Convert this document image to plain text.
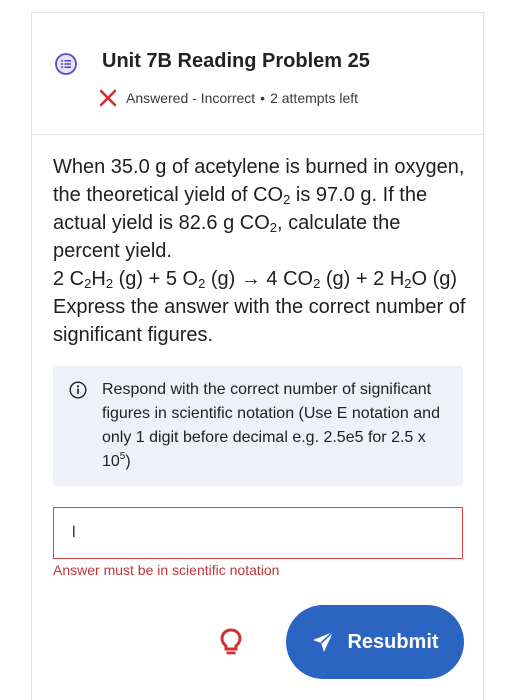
Unit 7B Reading Problem 25
Answered - Incorrect • 2 attempts left

When 35.0 g of acetylene is burned in oxygen, the theoretical yield of $CO_2$ is 97.0 g. If the actual yield is 82.6 g $CO_2$, calculate the percent yield.

2 $C_2H_2$ (g) + 5 $O_2$ (g) → 4 $CO_2$ (g) + 2 $H_2O$ (g)

Express the answer with the correct number of significant figures.

Respond with the correct number of significant figures in scientific notation (Use E notation and only 1 digit before decimal e.g. 2.5e5 for 2.5 x $10^5$)
l
Answer must be in scientific notation
Resubmit
